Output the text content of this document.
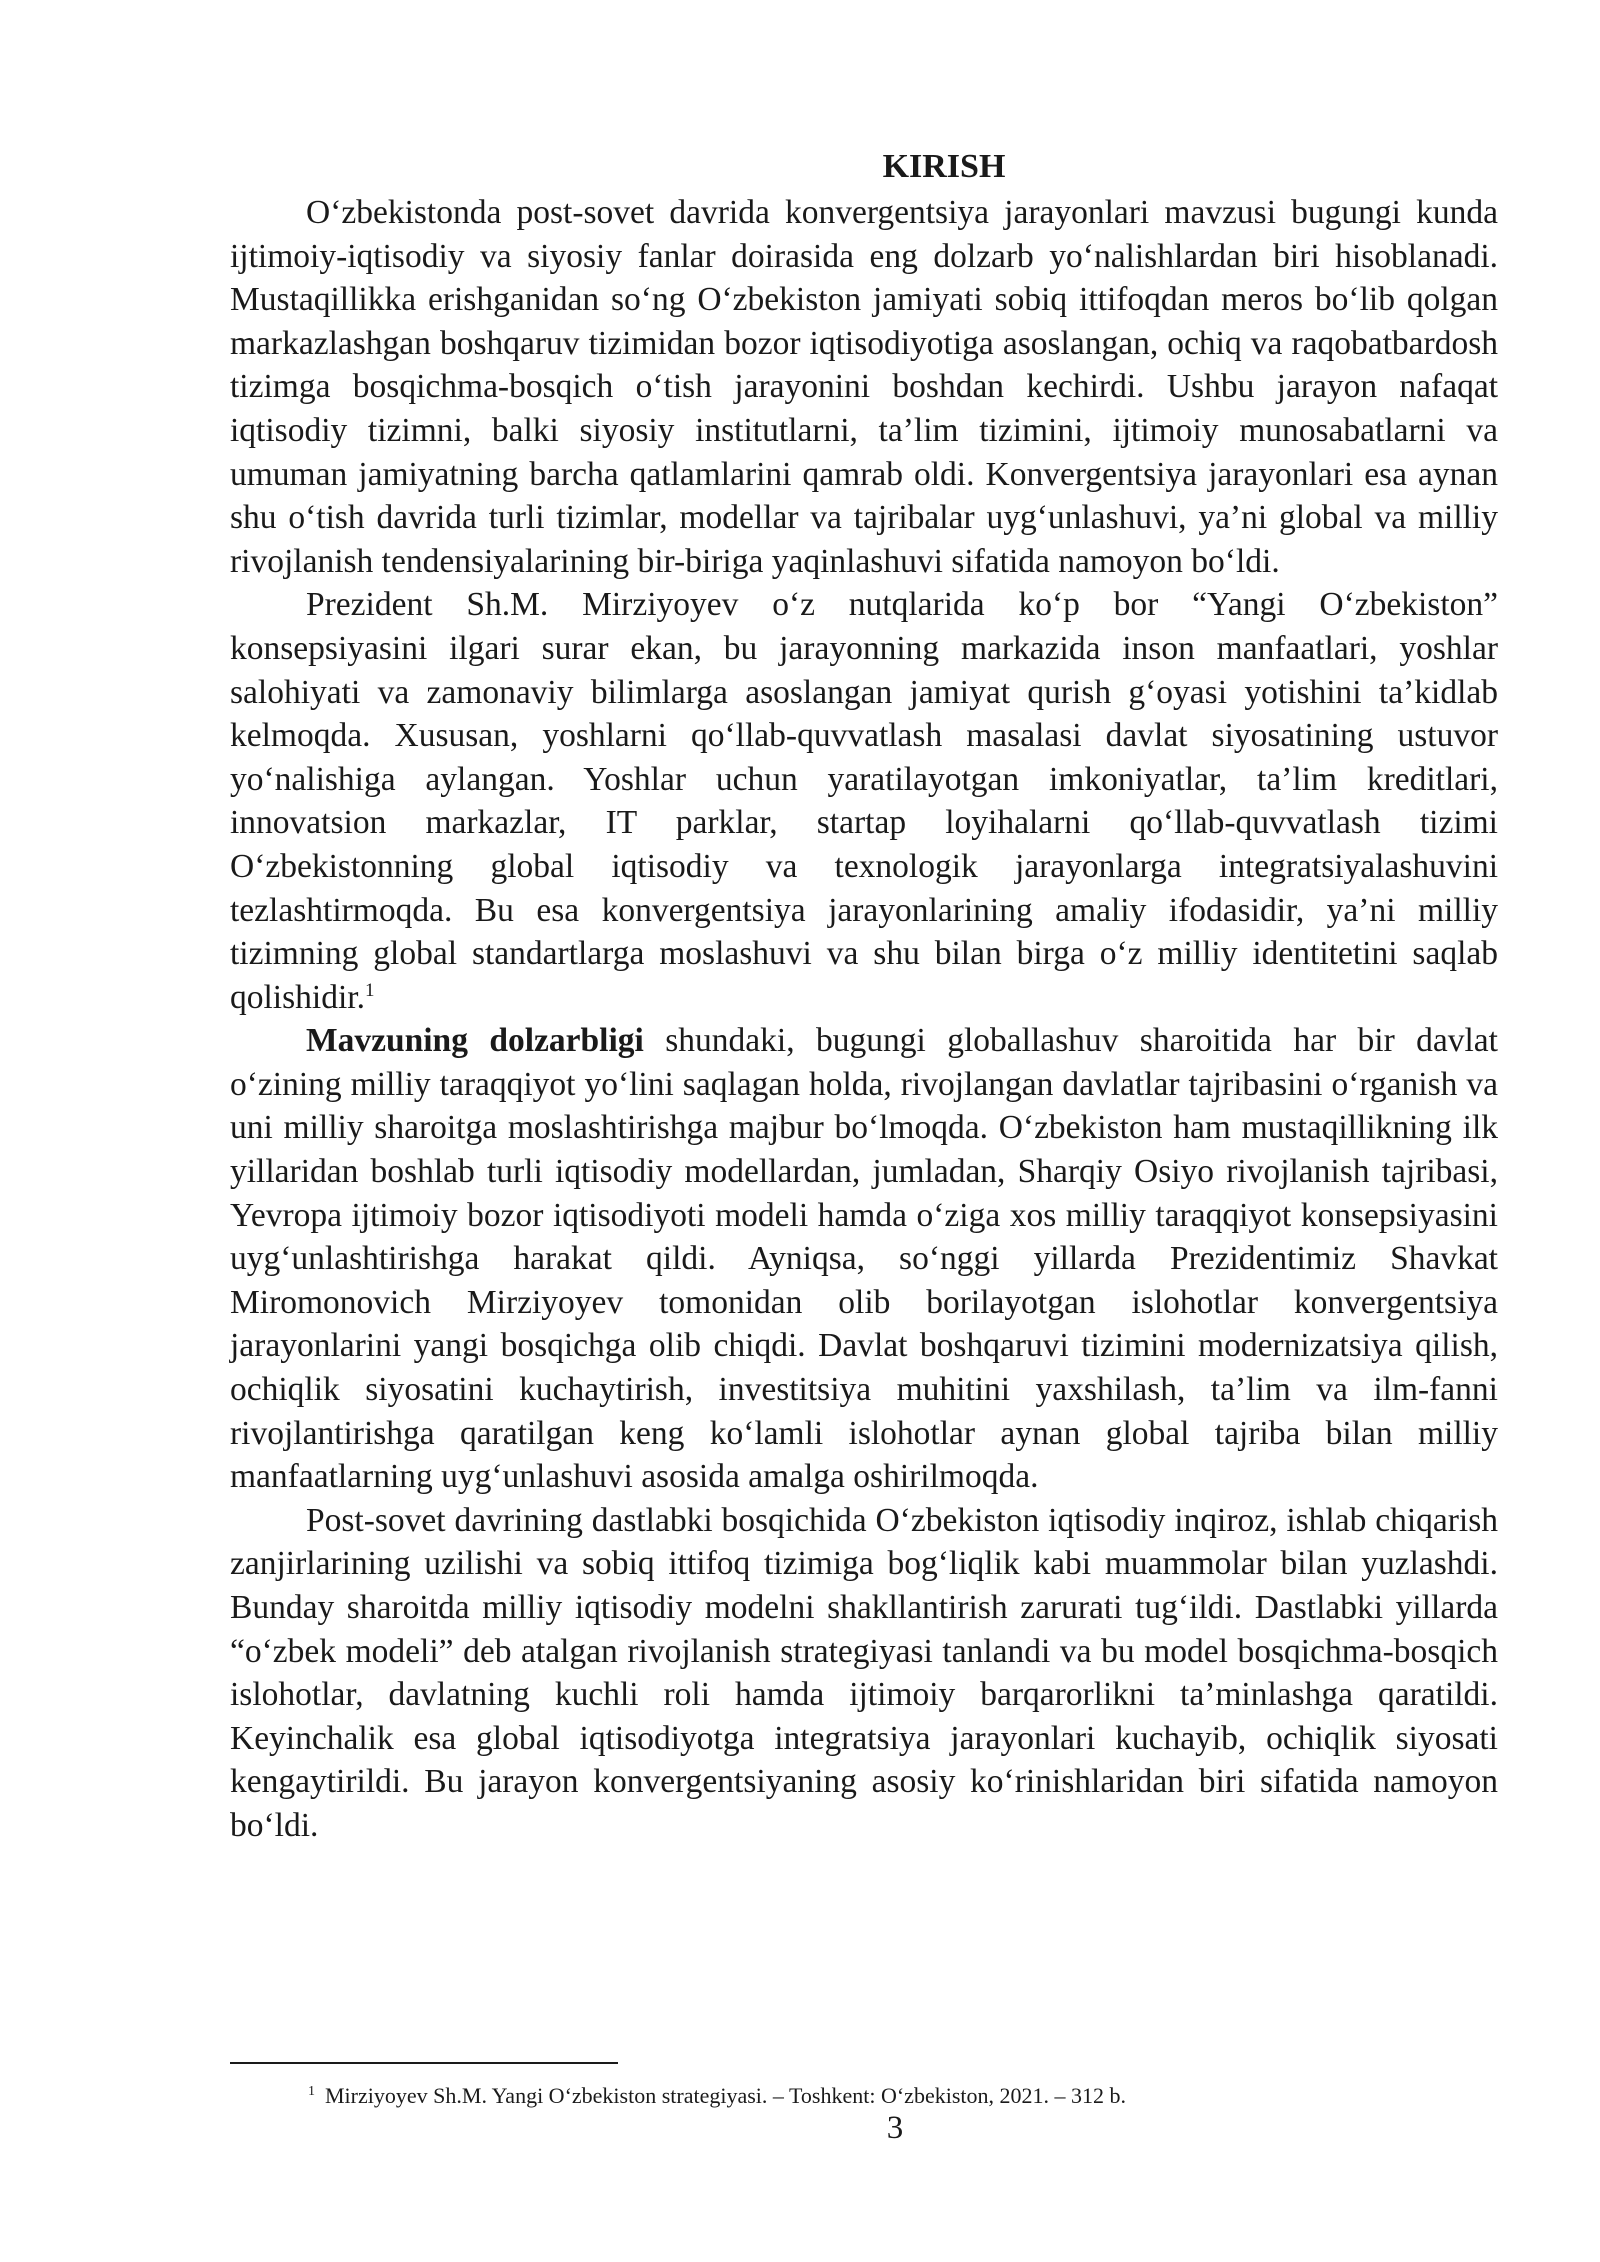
KIRISH

O‘zbekistonda post-sovet davrida konvergentsiya jarayonlari mavzusi bugungi kunda ijtimoiy-iqtisodiy va siyosiy fanlar doirasida eng dolzarb yo‘nalishlardan biri hisoblanadi. Mustaqillikka erishganidan so‘ng O‘zbekiston jamiyati sobiq ittifoqdan meros bo‘lib qolgan markazlashgan boshqaruv tizimidan bozor iqtisodiyotiga asoslangan, ochiq va raqobatbardosh tizimga bosqichma-bosqich o‘tish jarayonini boshdan kechirdi. Ushbu jarayon nafaqat iqtisodiy tizimni, balki siyosiy institutlarni, ta’lim tizimini, ijtimoiy munosabatlarni va umuman jamiyatning barcha qatlamlarini qamrab oldi. Konvergentsiya jarayonlari esa aynan shu o‘tish davrida turli tizimlar, modellar va tajribalar uyg‘unlashuvi, ya’ni global va milliy rivojlanish tendensiyalarining bir-biriga yaqinlashuvi sifatida namoyon bo‘ldi.

Prezident Sh.M. Mirziyoyev o‘z nutqlarida ko‘p bor “Yangi O‘zbekiston” konsepsiyasini ilgari surar ekan, bu jarayonning markazida inson manfaatlari, yoshlar salohiyati va zamonaviy bilimlarga asoslangan jamiyat qurish g‘oyasi yotishini ta’kidlab kelmoqda. Xususan, yoshlarni qo‘llab-quvvatlash masalasi davlat siyosatining ustuvor yo‘nalishiga aylangan. Yoshlar uchun yaratilayotgan imkoniyatlar, ta’lim kreditlari, innovatsion markazlar, IT parklar, startap loyihalarni qo‘llab-quvvatlash tizimi O‘zbekistonning global iqtisodiy va texnologik jarayonlarga integratsiyalashuvini tezlashtirmoqda. Bu esa konvergentsiya jarayonlarining amaliy ifodasidir, ya’ni milliy tizimning global standartlarga moslashuvi va shu bilan birga o‘z milliy identitetini saqlab qolishidir.$^1$

Mavzuning dolzarbligi shundaki, bugungi globallashuv sharoitida har bir davlat o‘zining milliy taraqqiyot yo‘lini saqlagan holda, rivojlangan davlatlar tajribasini o‘rganish va uni milliy sharoitga moslashtirishga majbur bo‘lmoqda. O‘zbekiston ham mustaqillikning ilk yillaridan boshlab turli iqtisodiy modellardan, jumladan, Sharqiy Osiyo rivojlanish tajribasi, Yevropa ijtimoiy bozor iqtisodiyoti modeli hamda o‘ziga xos milliy taraqqiyot konsepsiyasini uyg‘unlashtirishga harakat qildi. Ayniqsa, so‘nggi yillarda Prezidentimiz Shavkat Miromonovich Mirziyoyev tomonidan olib borilayotgan islohotlar konvergentsiya jarayonlarini yangi bosqichga olib chiqdi. Davlat boshqaruvi tizimini modernizatsiya qilish, ochiqlik siyosatini kuchaytirish, investitsiya muhitini yaxshilash, ta’lim va ilm-fanni rivojlantirishga qaratilgan keng ko‘lamli islohotlar aynan global tajriba bilan milliy manfaatlarning uyg‘unlashuvi asosida amalga oshirilmoqda.

Post-sovet davrining dastlabki bosqichida O‘zbekiston iqtisodiy inqiroz, ishlab chiqarish zanjirlarining uzilishi va sobiq ittifoq tizimiga bog‘liqlik kabi muammolar bilan yuzlashdi. Bunday sharoitda milliy iqtisodiy modelni shakllantirish zarurati tug‘ildi. Dastlabki yillarda “o‘zbek modeli” deb atalgan rivojlanish strategiyasi tanlandi va bu model bosqichma-bosqich islohotlar, davlatning kuchli roli hamda ijtimoiy barqarorlikni ta’minlashga qaratildi. Keyinchalik esa global iqtisodiyotga integratsiya jarayonlari kuchayib, ochiqlik siyosati kengaytirildi. Bu jarayon konvergentsiyaning asosiy ko‘rinishlaridan biri sifatida namoyon bo‘ldi.

$^1$ Mirziyoyev Sh.M. Yangi O‘zbekiston strategiyasi. – Toshkent: O‘zbekiston, 2021. – 312 b.
3
